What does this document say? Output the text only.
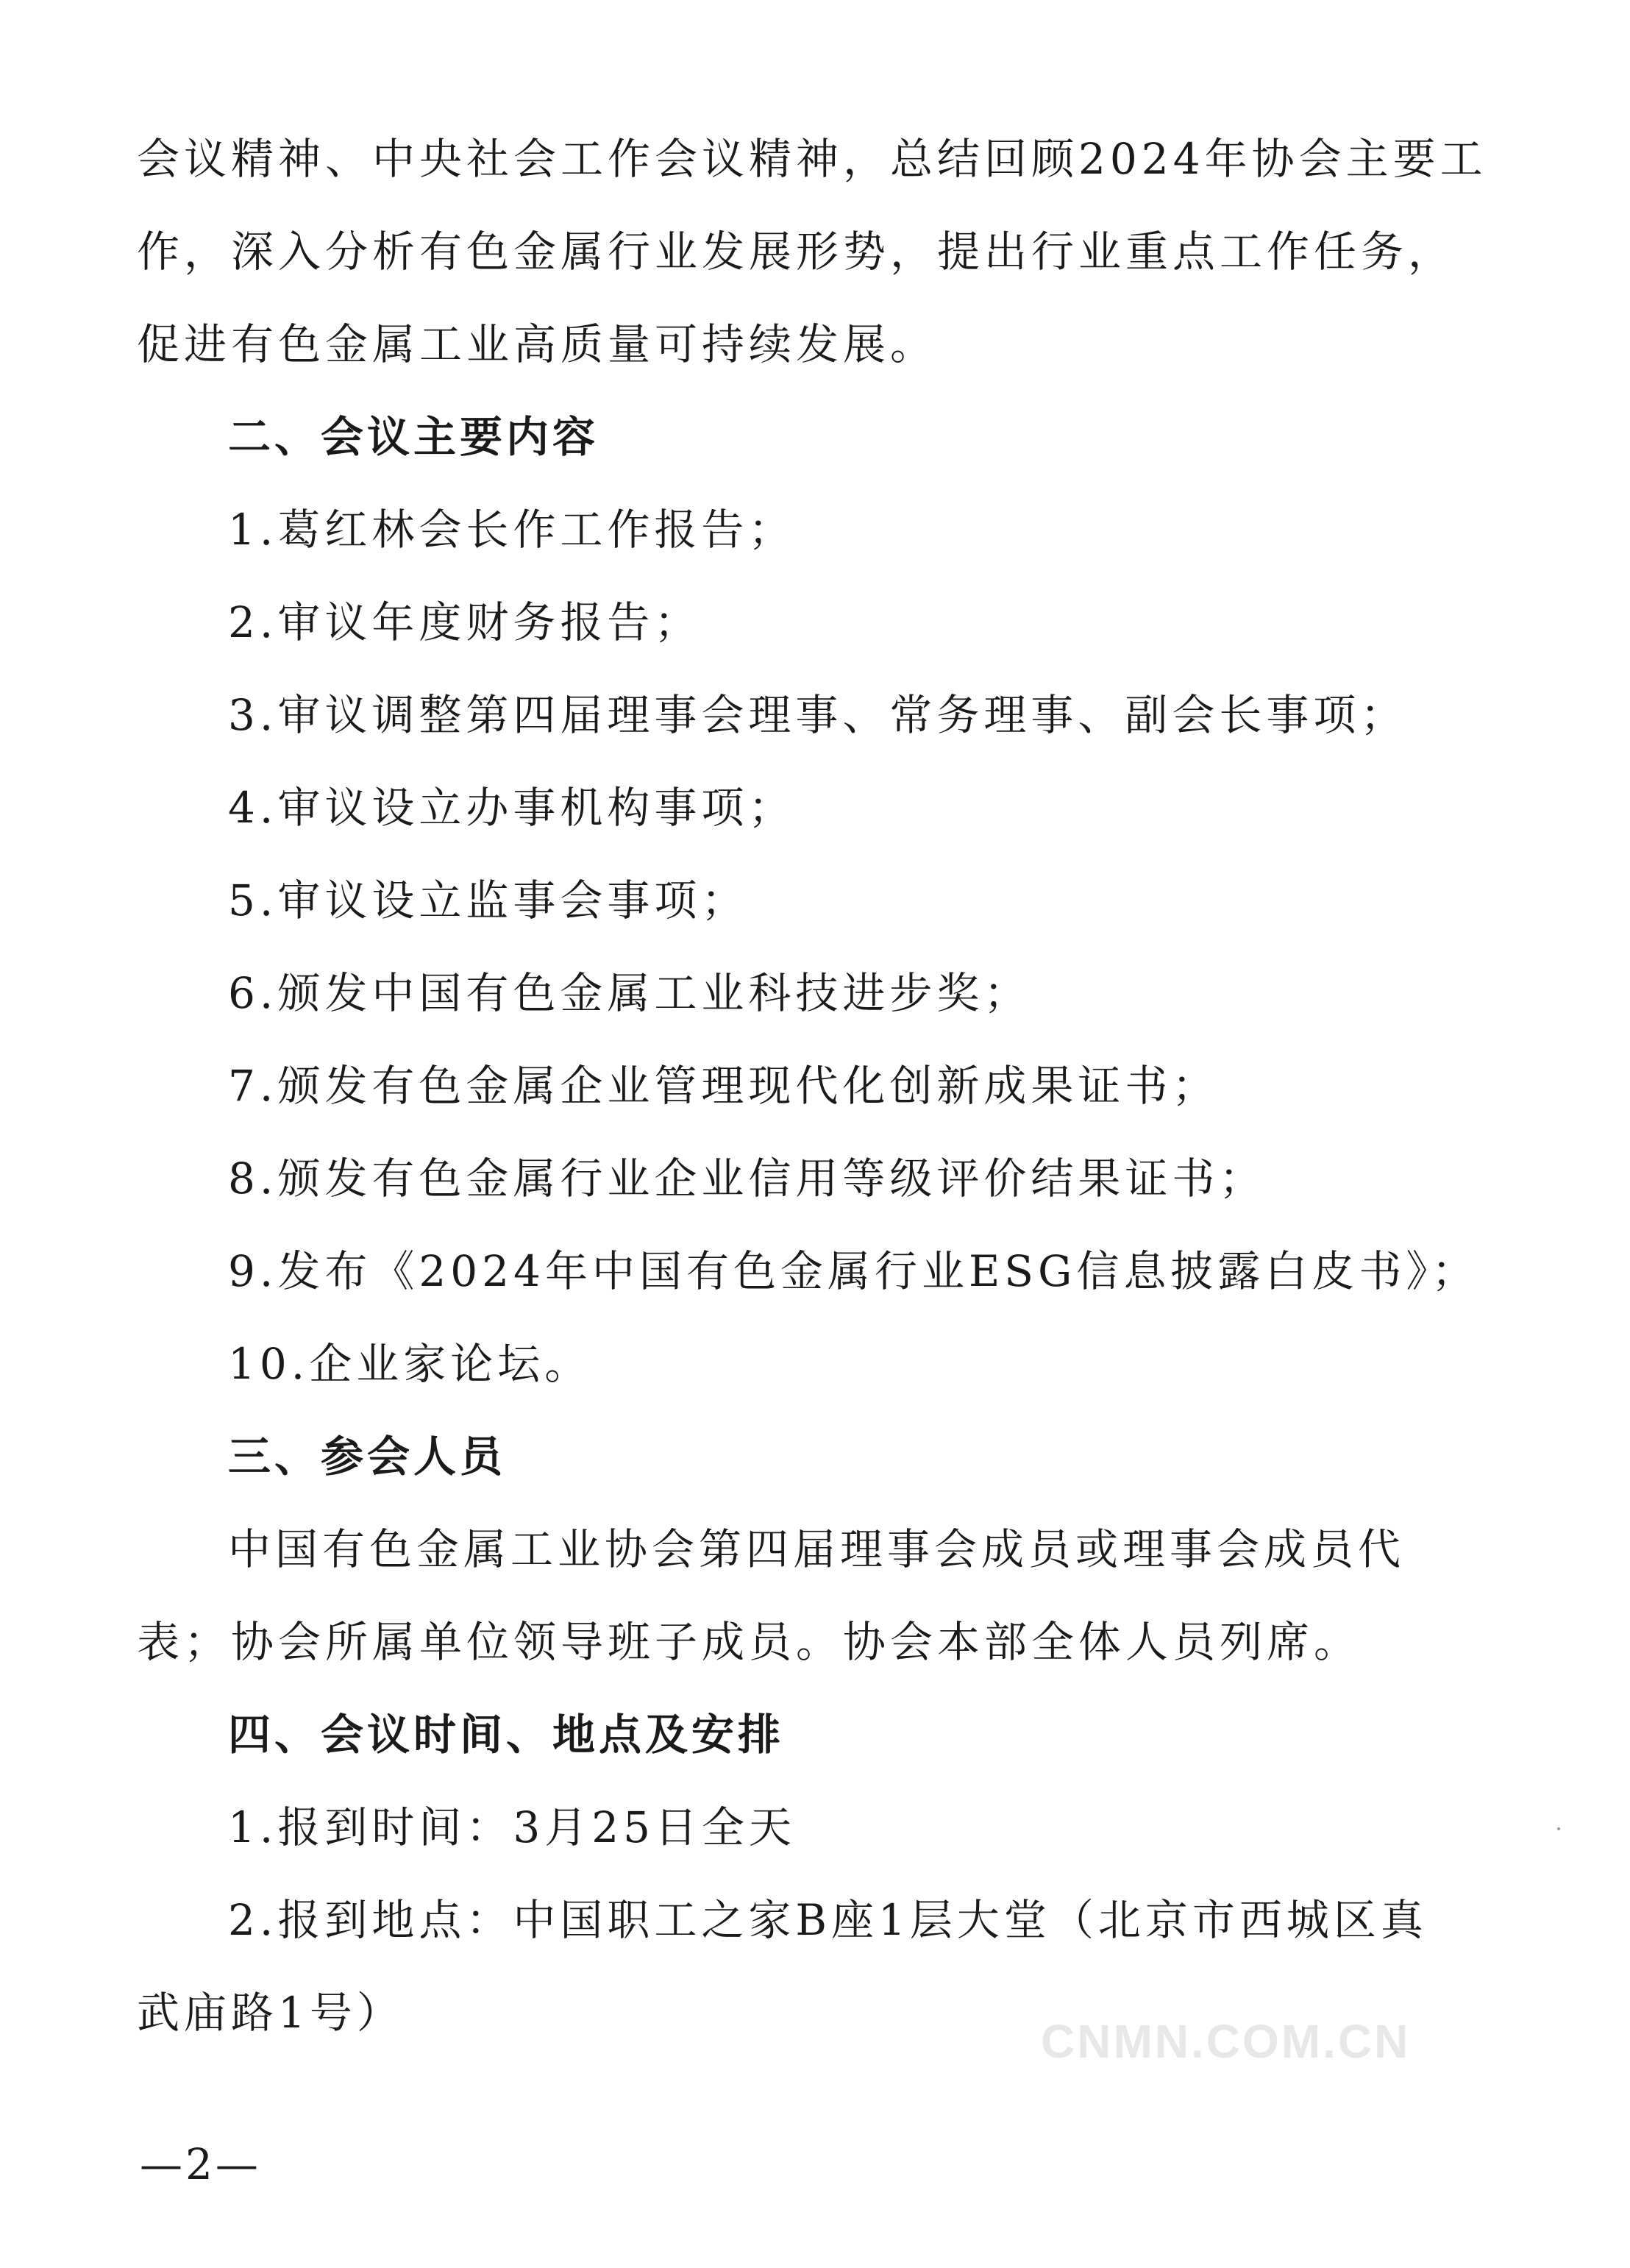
会议精神、中央社会工作会议精神，总结回顾2024年协会主要工
作，深入分析有色金属行业发展形势，提出行业重点工作任务，
促进有色金属工业高质量可持续发展。
二、会议主要内容
1.葛红林会长作工作报告；
2.审议年度财务报告；
3.审议调整第四届理事会理事、常务理事、副会长事项；
4.审议设立办事机构事项；
5.审议设立监事会事项；
6.颁发中国有色金属工业科技进步奖；
7.颁发有色金属企业管理现代化创新成果证书；
8.颁发有色金属行业企业信用等级评价结果证书；
9.发布《2024年中国有色金属行业ESG信息披露白皮书》；
10.企业家论坛。
三、参会人员
中国有色金属工业协会第四届理事会成员或理事会成员代
表；协会所属单位领导班子成员。协会本部全体人员列席。
四、会议时间、地点及安排
1.报到时间：3月25日全天
2.报到地点：中国职工之家B座1层大堂（北京市西城区真
武庙路1号）
CNMN.COM.CN
—2—
